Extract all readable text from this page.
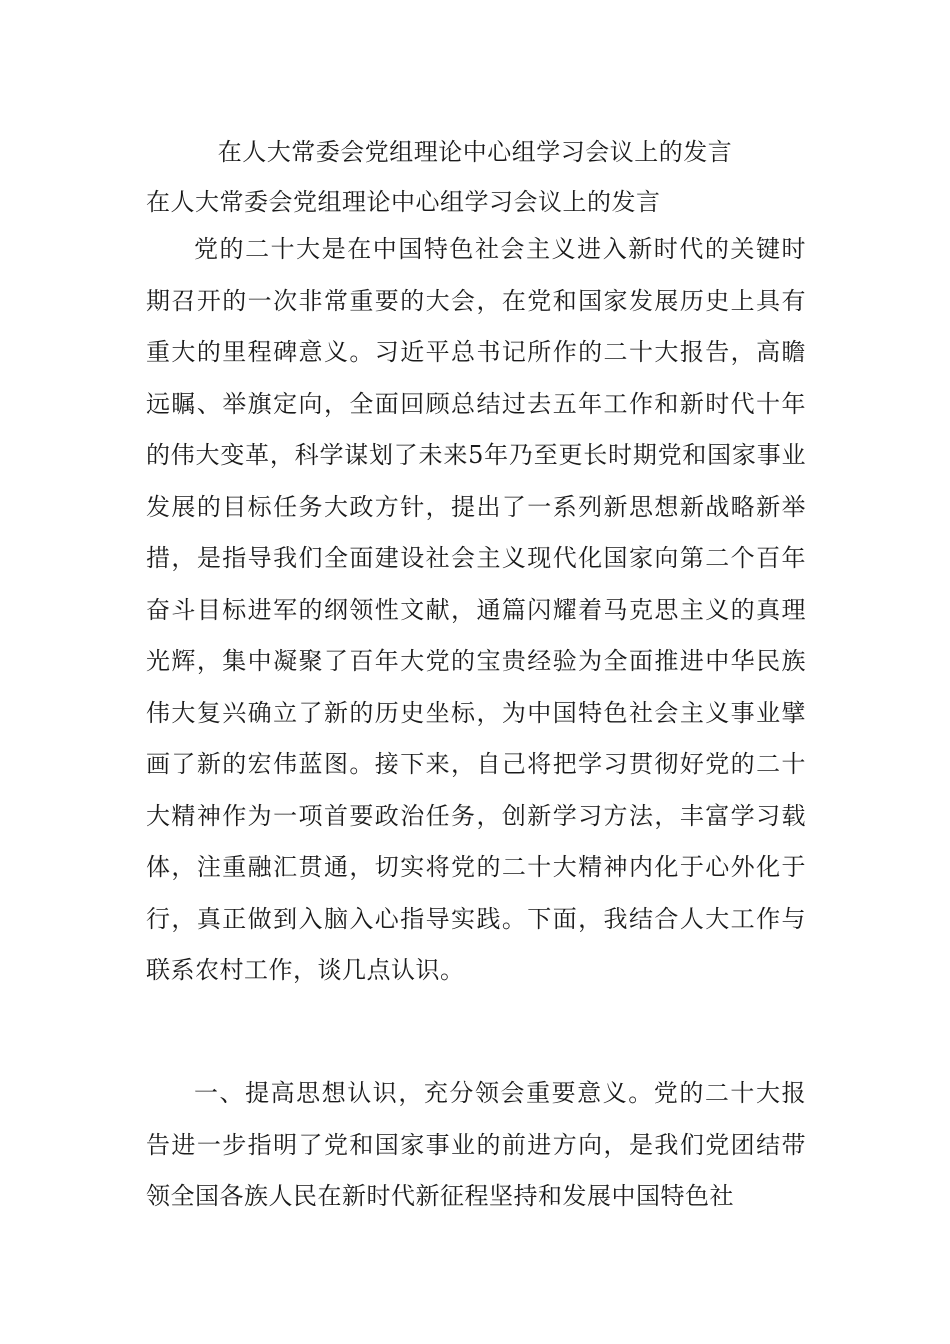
在人大常委会党组理论中心组学习会议上的发言
在人大常委会党组理论中心组学习会议上的发言

党的二十大是在中国特色社会主义进入新时代的关键时期召开的一次非常重要的大会，在党和国家发展历史上具有重大的里程碑意义。习近平总书记所作的二十大报告，高瞻远瞩、举旗定向，全面回顾总结过去五年工作和新时代十年的伟大变革，科学谋划了未来5年乃至更长时期党和国家事业发展的目标任务大政方针，提出了一系列新思想新战略新举措，是指导我们全面建设社会主义现代化国家向第二个百年奋斗目标进军的纲领性文献，通篇闪耀着马克思主义的真理光辉，集中凝聚了百年大党的宝贵经验为全面推进中华民族伟大复兴确立了新的历史坐标，为中国特色社会主义事业擘画了新的宏伟蓝图。接下来，自己将把学习贯彻好党的二十大精神作为一项首要政治任务，创新学习方法，丰富学习载体，注重融汇贯通，切实将党的二十大精神内化于心外化于行，真正做到入脑入心指导实践。下面，我结合人大工作与联系农村工作，谈几点认识。

一、提高思想认识，充分领会重要意义。党的二十大报告进一步指明了党和国家事业的前进方向，是我们党团结带领全国各族人民在新时代新征程坚持和发展中国特色社
